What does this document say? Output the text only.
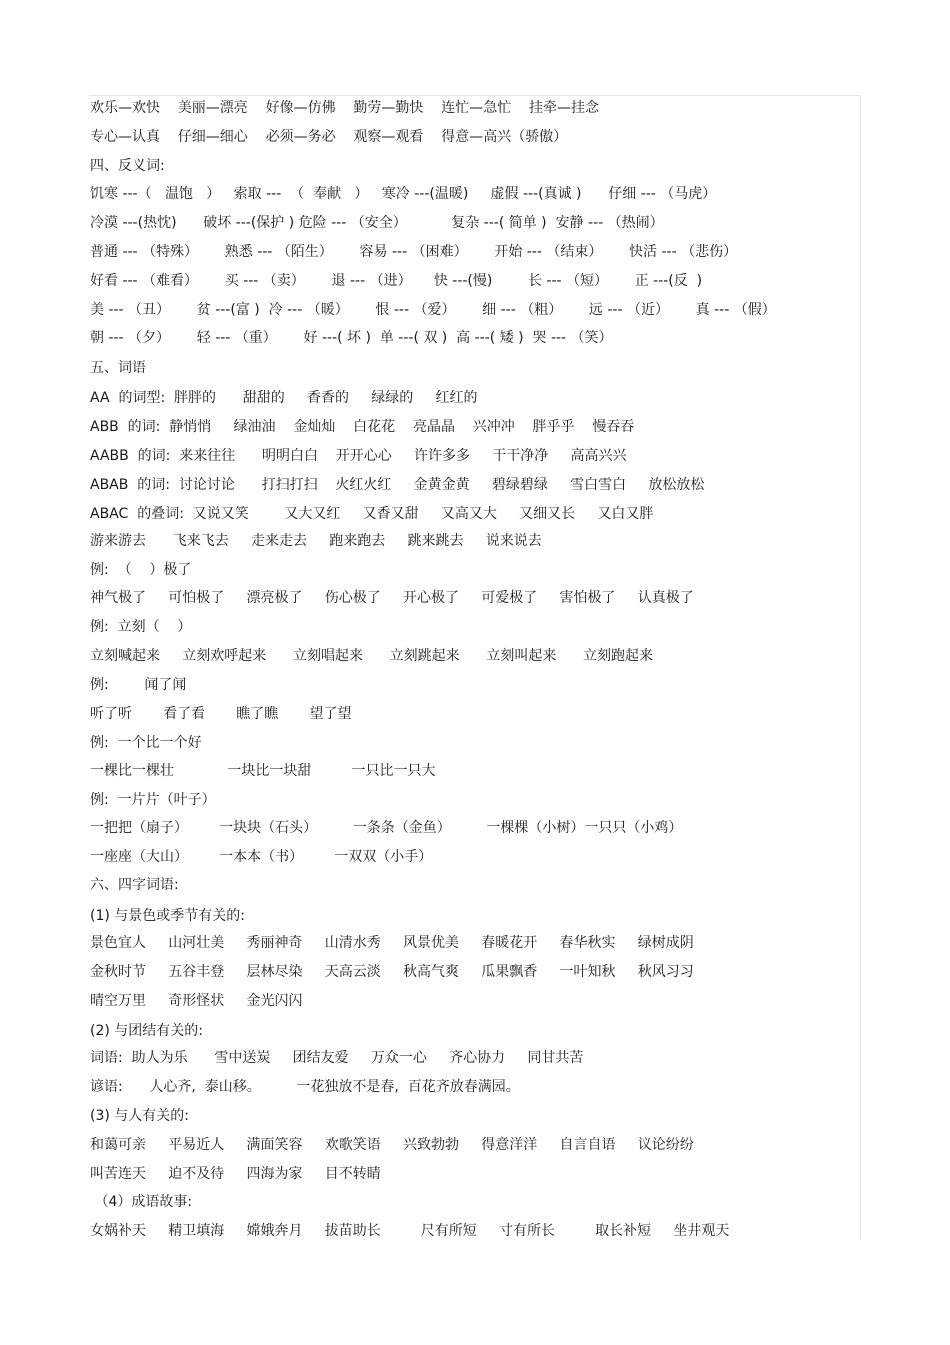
欢乐—欢快    美丽—漂亮    好像—仿佛    勤劳—勤快    连忙—急忙    挂牵—挂念
专心—认真    仔细—细心    必须—务必    观察—观看    得意—高兴（骄傲）
四、反义词:
饥寒 ---（   温饱   ）   索取 ---  （  奉献   ）   寒冷 ---(温暖)     虚假 ---(真诚 )      仔细 --- （马虎）
冷漠 ---(热忱)      破坏 ---(保护 ) 危险 --- （安全）          复杂 ---( 简单 )  安静 --- （热闹）
普通 --- （特殊）      熟悉 --- （陌生）      容易 --- （困难）      开始 --- （结束）      快活 --- （悲伤）
好看 --- （难看）      买 --- （卖）      退 --- （进）     快 ---(慢)        长 --- （短）      正 ---(反  )
美 --- （丑）      贫 ---(富 )  冷 --- （暖）      恨 --- （爱）      细 --- （粗）      远 --- （近）      真 --- （假）
朝 --- （夕）      轻 --- （重）      好 ---( 坏 )  单 ---( 双 )  高 ---( 矮 )  哭 --- （笑）
五、词语
AA  的词型:  胖胖的      甜甜的     香香的     绿绿的     红红的
ABB  的词:  静悄悄     绿油油    金灿灿    白花花    亮晶晶    兴冲冲    胖乎乎    慢吞吞
AABB  的词:  来来往往      明明白白    开开心心     许许多多     干干净净     高高兴兴
ABAB  的词:  讨论讨论      打扫打扫    火红火红     金黄金黄     碧绿碧绿     雪白雪白     放松放松
ABAC  的叠词:  又说又笑        又大又红     又香又甜     又高又大     又细又长     又白又胖
游来游去      飞来飞去     走来走去     跑来跑去     跳来跳去     说来说去
例:  （    ）极了
神气极了     可怕极了     漂亮极了     伤心极了     开心极了     可爱极了     害怕极了     认真极了
例:  立刻（    ）
立刻喊起来     立刻欢呼起来      立刻唱起来      立刻跳起来      立刻叫起来      立刻跑起来
例:        闻了闻
听了听       看了看       瞧了瞧       望了望
例:  一个比一个好
一棵比一棵壮            一块比一块甜         一只比一只大
例:  一片片（叶子）
一把把（扇子）       一块块（石头）        一条条（金鱼）        一棵棵（小树）一只只（小鸡）
一座座（大山）       一本本（书）       一双双（小手）
六、四字词语:
(1) 与景色或季节有关的:
景色宜人     山河壮美     秀丽神奇     山清水秀     风景优美     春暖花开     春华秋实     绿树成阴
金秋时节     五谷丰登     层林尽染     天高云淡     秋高气爽     瓜果飘香     一叶知秋     秋风习习
晴空万里     奇形怪状     金光闪闪
(2) 与团结有关的:
词语:  助人为乐      雪中送炭     团结友爱     万众一心     齐心协力     同甘共苦
谚语:      人心齐,  泰山移。        一花独放不是春,  百花齐放春满园。
(3) 与人有关的:
和蔼可亲     平易近人     满面笑容     欢歌笑语     兴致勃勃     得意洋洋     自言自语     议论纷纷
叫苦连天     迫不及待     四海为家     目不转睛
（4）成语故事:
女娲补天     精卫填海     嫦娥奔月     拔苗助长         尺有所短     寸有所长         取长补短     坐井观天
